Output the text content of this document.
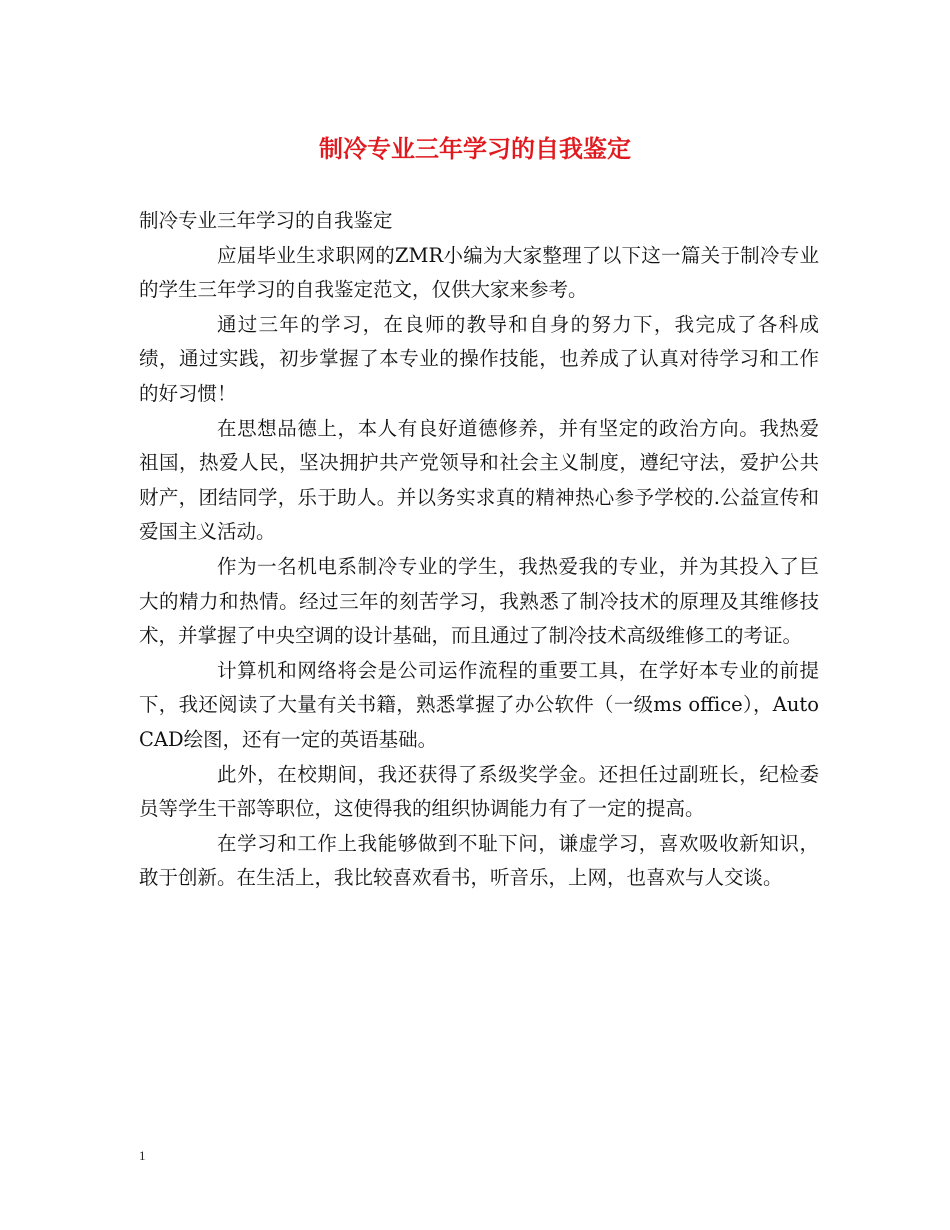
制冷专业三年学习的自我鉴定

制冷专业三年学习的自我鉴定

应届毕业生求职网的ZMR小编为大家整理了以下这一篇关于制冷专业的学生三年学习的自我鉴定范文，仅供大家来参考。

通过三年的学习，在良师的教导和自身的努力下，我完成了各科成绩，通过实践，初步掌握了本专业的操作技能，也养成了认真对待学习和工作的好习惯！

在思想品德上，本人有良好道德修养，并有坚定的政治方向。我热爱祖国，热爱人民，坚决拥护共产党领导和社会主义制度，遵纪守法，爱护公共财产，团结同学，乐于助人。并以务实求真的精神热心参予学校的.公益宣传和爱国主义活动。

作为一名机电系制冷专业的学生，我热爱我的专业，并为其投入了巨大的精力和热情。经过三年的刻苦学习，我熟悉了制冷技术的原理及其维修技术，并掌握了中央空调的设计基础，而且通过了制冷技术高级维修工的考证。

计算机和网络将会是公司运作流程的重要工具，在学好本专业的前提下，我还阅读了大量有关书籍，熟悉掌握了办公软件（一级ms office），Auto CAD绘图，还有一定的英语基础。

此外，在校期间，我还获得了系级奖学金。还担任过副班长，纪检委员等学生干部等职位，这使得我的组织协调能力有了一定的提高。

在学习和工作上我能够做到不耻下问，谦虚学习，喜欢吸收新知识，敢于创新。在生活上，我比较喜欢看书，听音乐，上网，也喜欢与人交谈。

1
